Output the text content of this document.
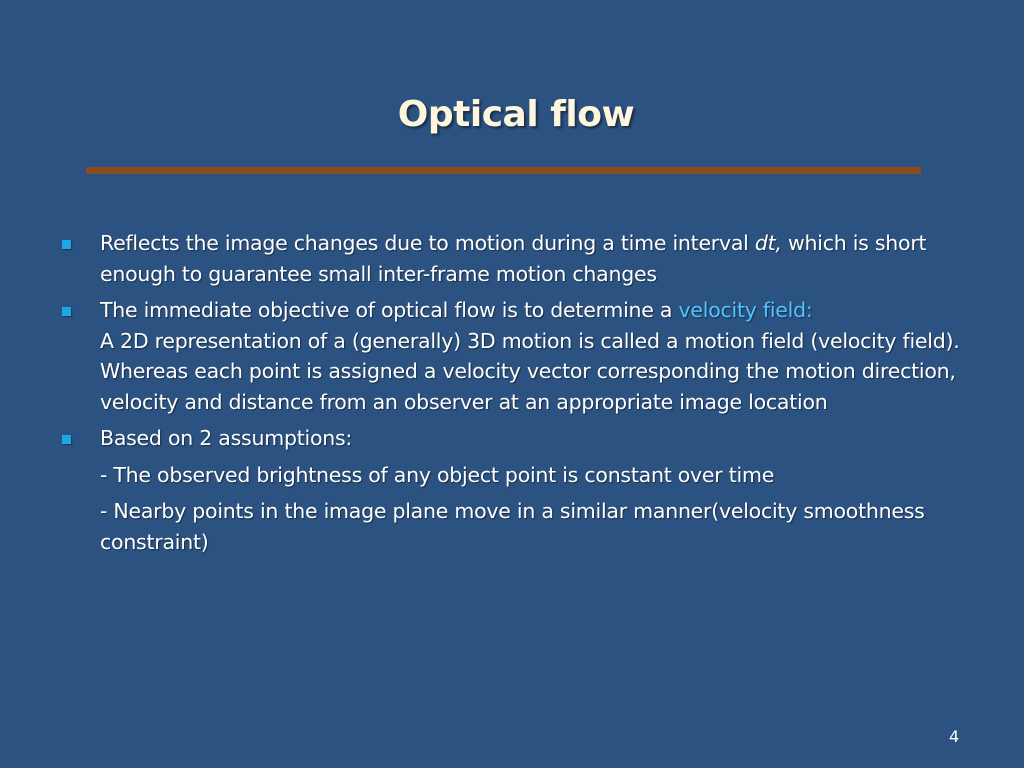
Optical flow
Reflects the image changes due to motion during a time interval dt, which is short enough to guarantee small inter-frame motion changes
The immediate objective of optical flow is to determine a velocity field:
A 2D representation of a (generally) 3D motion is called a motion field (velocity field). Whereas each point is assigned a velocity vector corresponding the motion direction, velocity and distance from an observer at an appropriate image location
Based on 2 assumptions:
- The observed brightness of any object point is constant over time
- Nearby points in the image plane move in a similar manner(velocity smoothness constraint)
4
